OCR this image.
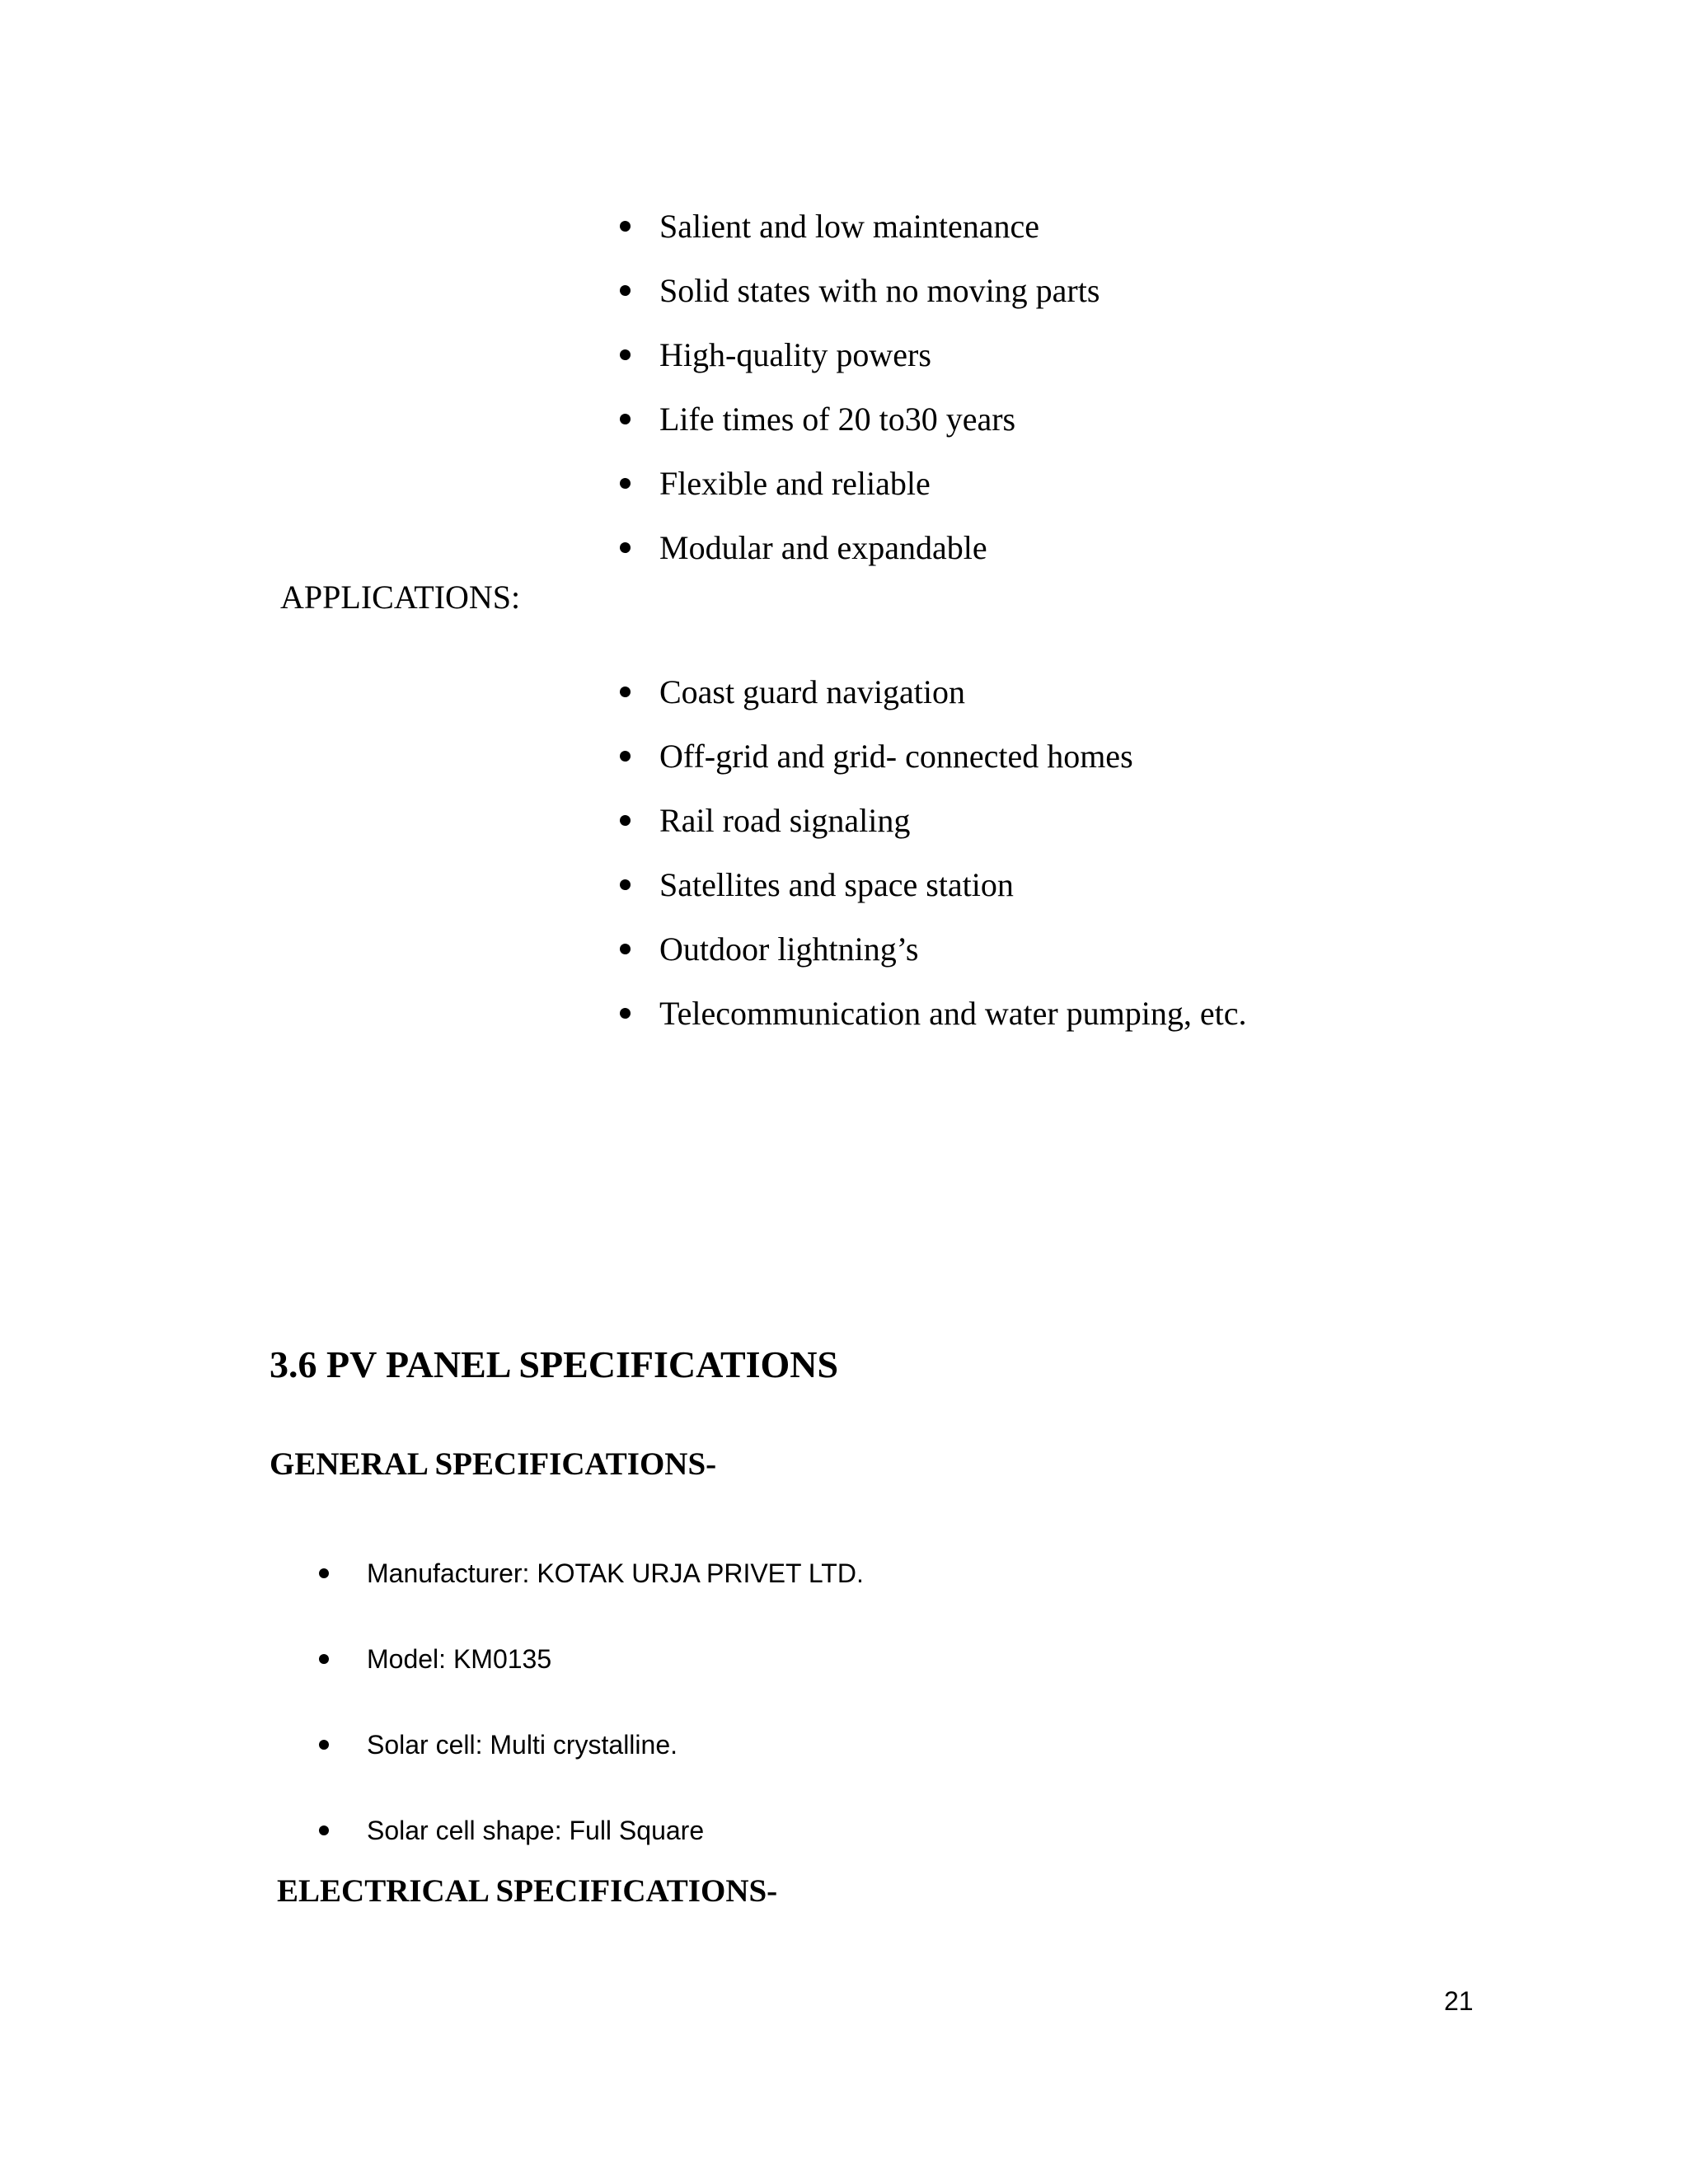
Salient and low maintenance
Solid states with no moving parts
High-quality powers
Life times of 20 to30 years
Flexible and reliable
Modular and expandable
APPLICATIONS:
Coast guard navigation
Off-grid and grid- connected homes
Rail road signaling
Satellites and space station
Outdoor lightning’s
Telecommunication and water pumping, etc.
3.6 PV PANEL SPECIFICATIONS
GENERAL SPECIFICATIONS-
Manufacturer: KOTAK URJA PRIVET LTD.
Model: KM0135
Solar cell: Multi crystalline.
Solar cell shape: Full Square
ELECTRICAL SPECIFICATIONS-
21
